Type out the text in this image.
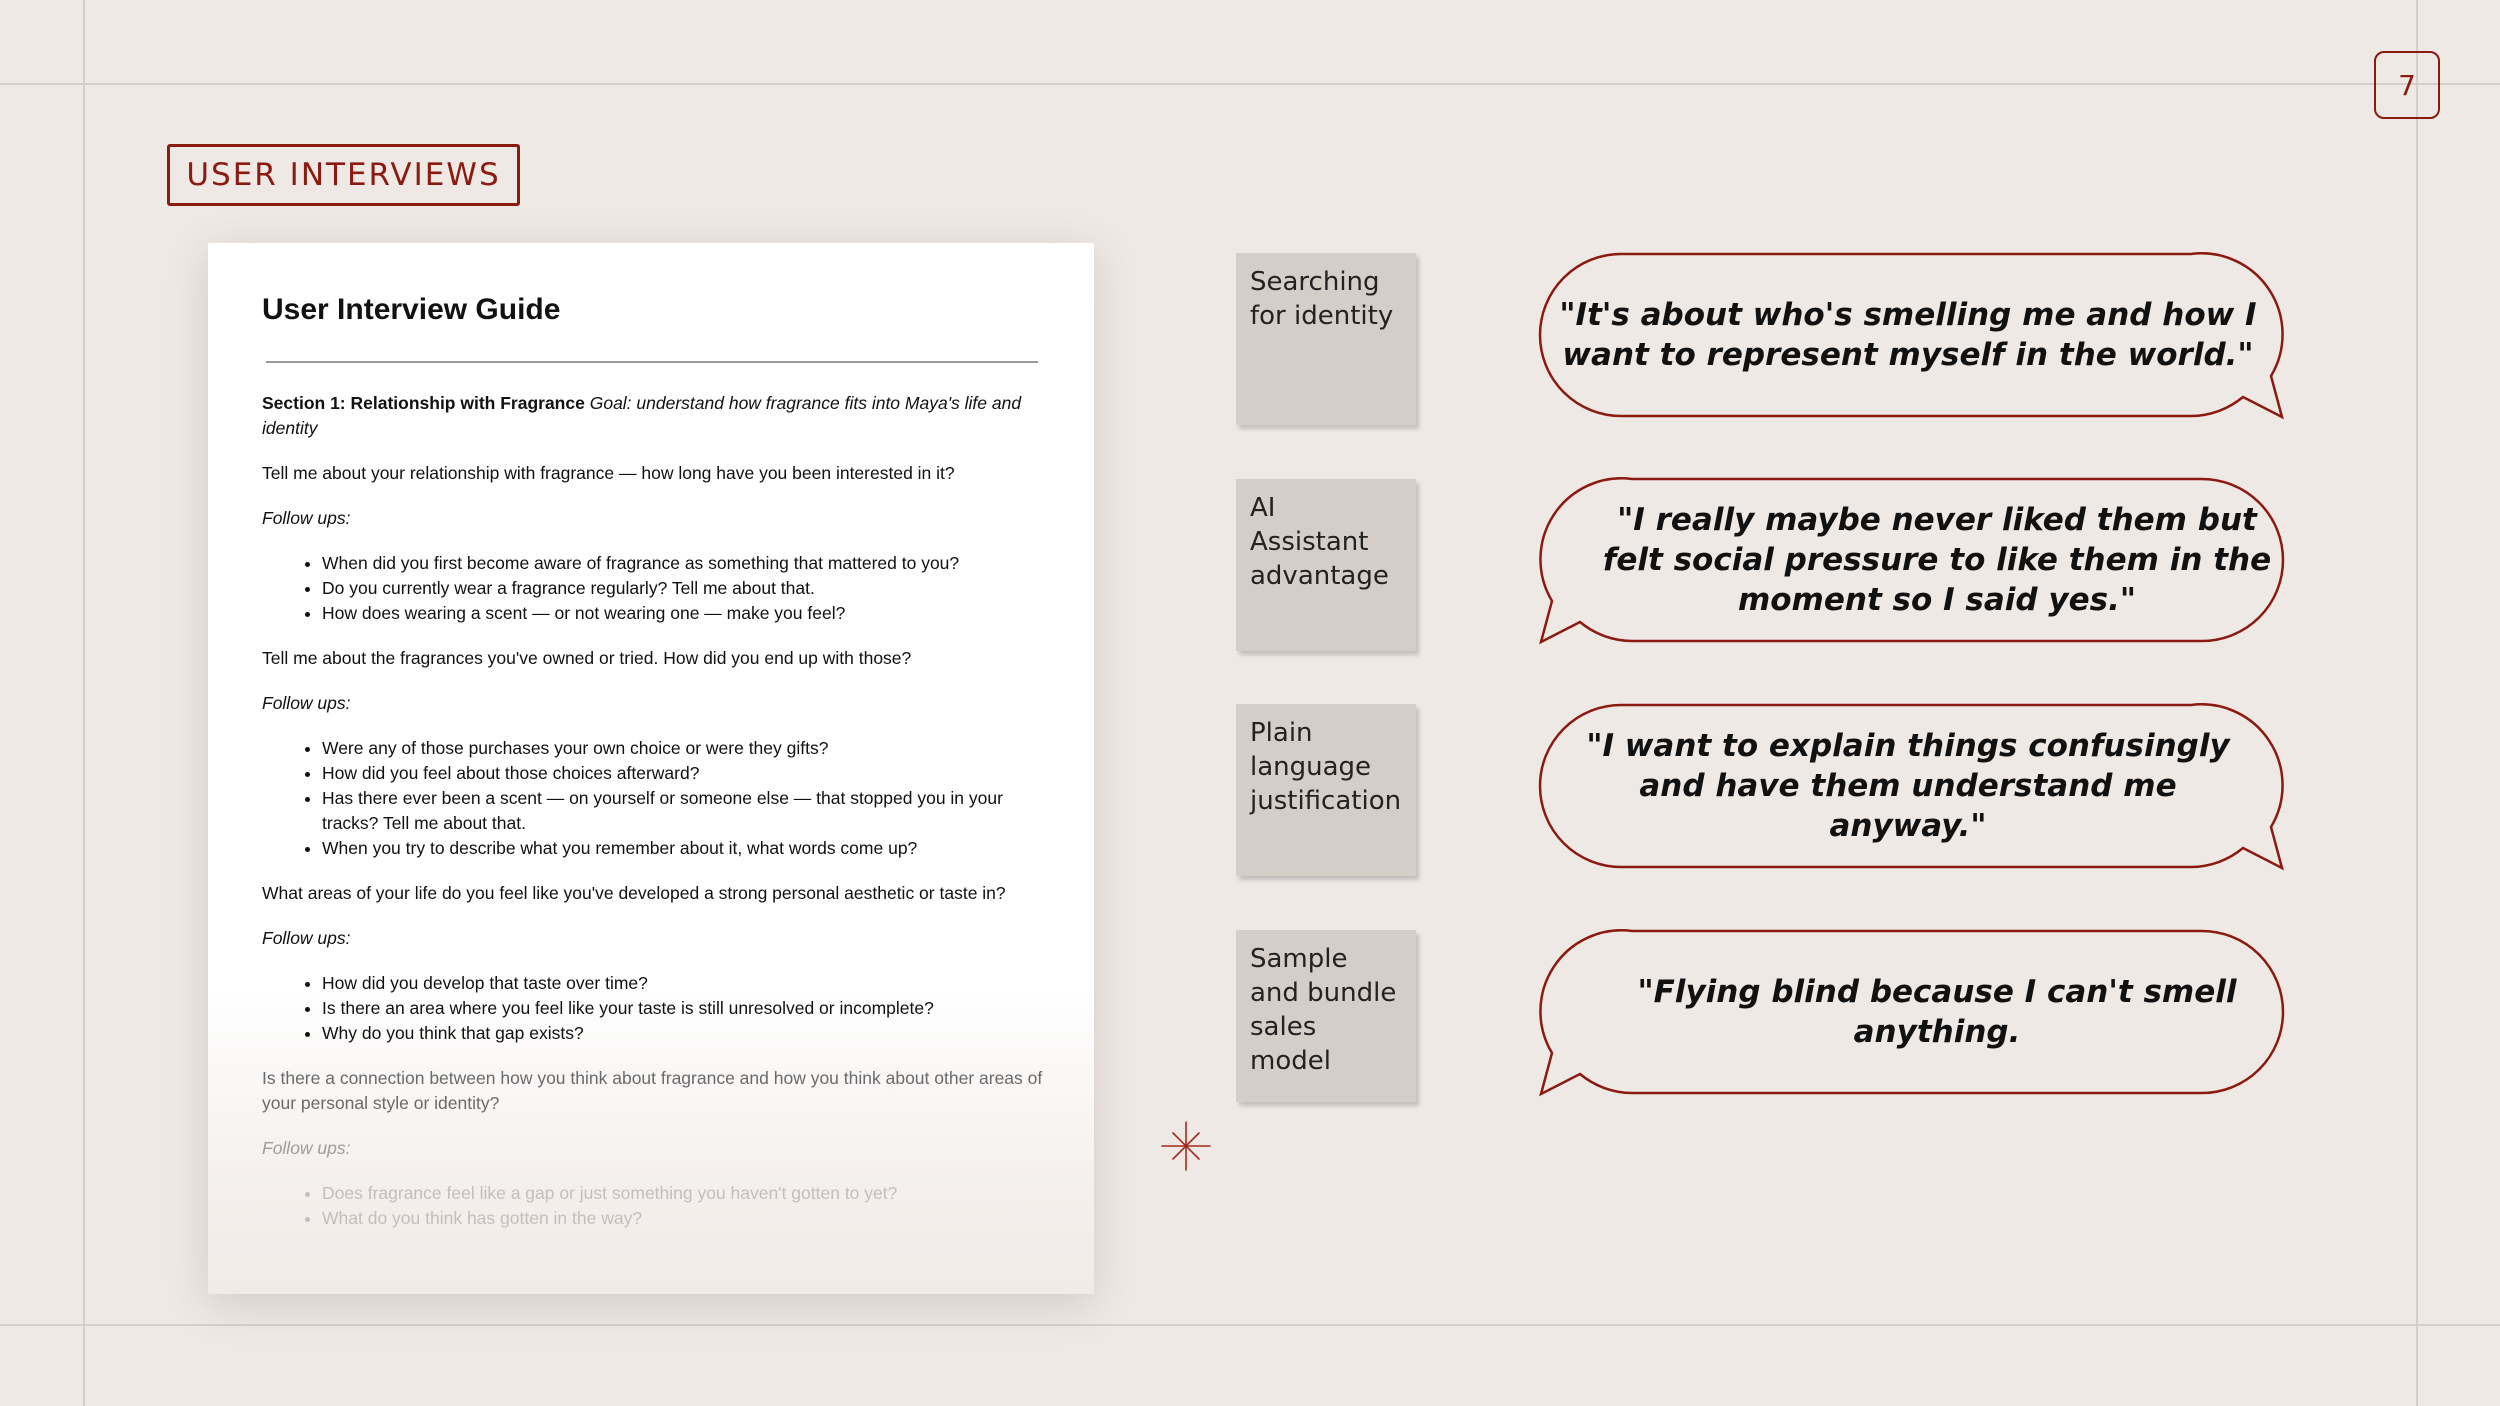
7
USER INTERVIEWS
User Interview Guide

Section 1: Relationship with Fragrance Goal: understand how fragrance fits into Maya's life and identity

Tell me about your relationship with fragrance — how long have you been interested in it?

Follow ups:

• When did you first become aware of fragrance as something that mattered to you?
• Do you currently wear a fragrance regularly? Tell me about that.
• How does wearing a scent — or not wearing one — make you feel?

Tell me about the fragrances you've owned or tried. How did you end up with those?

Follow ups:

• Were any of those purchases your own choice or were they gifts?
• How did you feel about those choices afterward?
• Has there ever been a scent — on yourself or someone else — that stopped you in your tracks? Tell me about that.
• When you try to describe what you remember about it, what words come up?

What areas of your life do you feel like you've developed a strong personal aesthetic or taste in?

Follow ups:

• How did you develop that taste over time?
• Is there an area where you feel like your taste is still unresolved or incomplete?
• Why do you think that gap exists?

Is there a connection between how you think about fragrance and how you think about other areas of your personal style or identity?

Follow ups:

• Does fragrance feel like a gap or just something you haven't gotten to yet?
• What do you think has gotten in the way?
Searching for identity
AI Assistant advantage
Plain language justification
Sample and bundle sales model
"It's about who's smelling me and how I want to represent myself in the world."
"I really maybe never liked them but felt social pressure to like them in the moment so I said yes."
"I want to explain things confusingly and have them understand me anyway."
"Flying blind because I can't smell anything.
